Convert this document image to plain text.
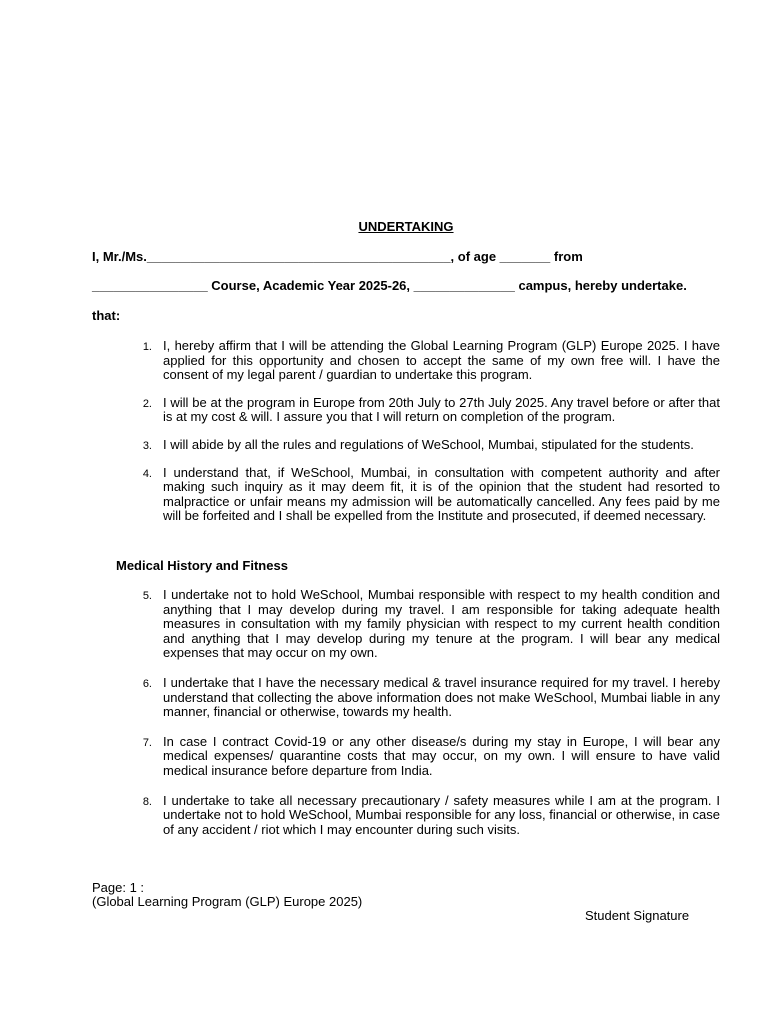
UNDERTAKING
I, Mr./Ms.__________________________________________, of age _______ from
________________ Course, Academic Year 2025-26, ______________ campus, hereby undertake.
that:
1. I, hereby affirm that I will be attending the Global Learning Program (GLP) Europe 2025. I have applied for this opportunity and chosen to accept the same of my own free will. I have the consent of my legal parent / guardian to undertake this program.
2. I will be at the program in Europe from 20th July to 27th July 2025. Any travel before or after that is at my cost & will. I assure you that I will return on completion of the program.
3. I will abide by all the rules and regulations of WeSchool, Mumbai, stipulated for the students.
4. I understand that, if WeSchool, Mumbai, in consultation with competent authority and after making such inquiry as it may deem fit, it is of the opinion that the student had resorted to malpractice or unfair means my admission will be automatically cancelled. Any fees paid by me will be forfeited and I shall be expelled from the Institute and prosecuted, if deemed necessary.
Medical History and Fitness
5. I undertake not to hold WeSchool, Mumbai responsible with respect to my health condition and anything that I may develop during my travel. I am responsible for taking adequate health measures in consultation with my family physician with respect to my current health condition and anything that I may develop during my tenure at the program. I will bear any medical expenses that may occur on my own.
6. I undertake that I have the necessary medical & travel insurance required for my travel. I hereby understand that collecting the above information does not make WeSchool, Mumbai liable in any manner, financial or otherwise, towards my health.
7. In case I contract Covid-19 or any other disease/s during my stay in Europe, I will bear any medical expenses/ quarantine costs that may occur, on my own. I will ensure to have valid medical insurance before departure from India.
8. I undertake to take all necessary precautionary / safety measures while I am at the program. I undertake not to hold WeSchool, Mumbai responsible for any loss, financial or otherwise, in case of any accident / riot which I may encounter during such visits.
Page: 1 :
(Global Learning Program (GLP) Europe 2025)
Student Signature
